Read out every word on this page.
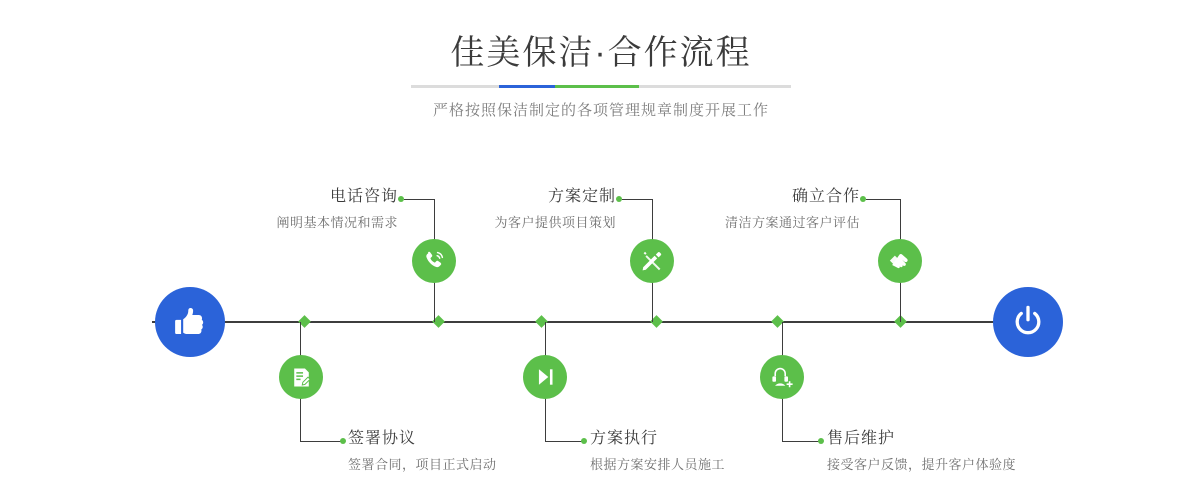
佳美保洁·合作流程
严格按照保洁制定的各项管理规章制度开展工作
电话咨询
阐明基本情况和需求
方案定制
为客户提供项目策划
确立合作
清洁方案通过客户评估
签署协议
签署合同，项目正式启动
方案执行
根据方案安排人员施工
售后维护
接受客户反馈，提升客户体验度
